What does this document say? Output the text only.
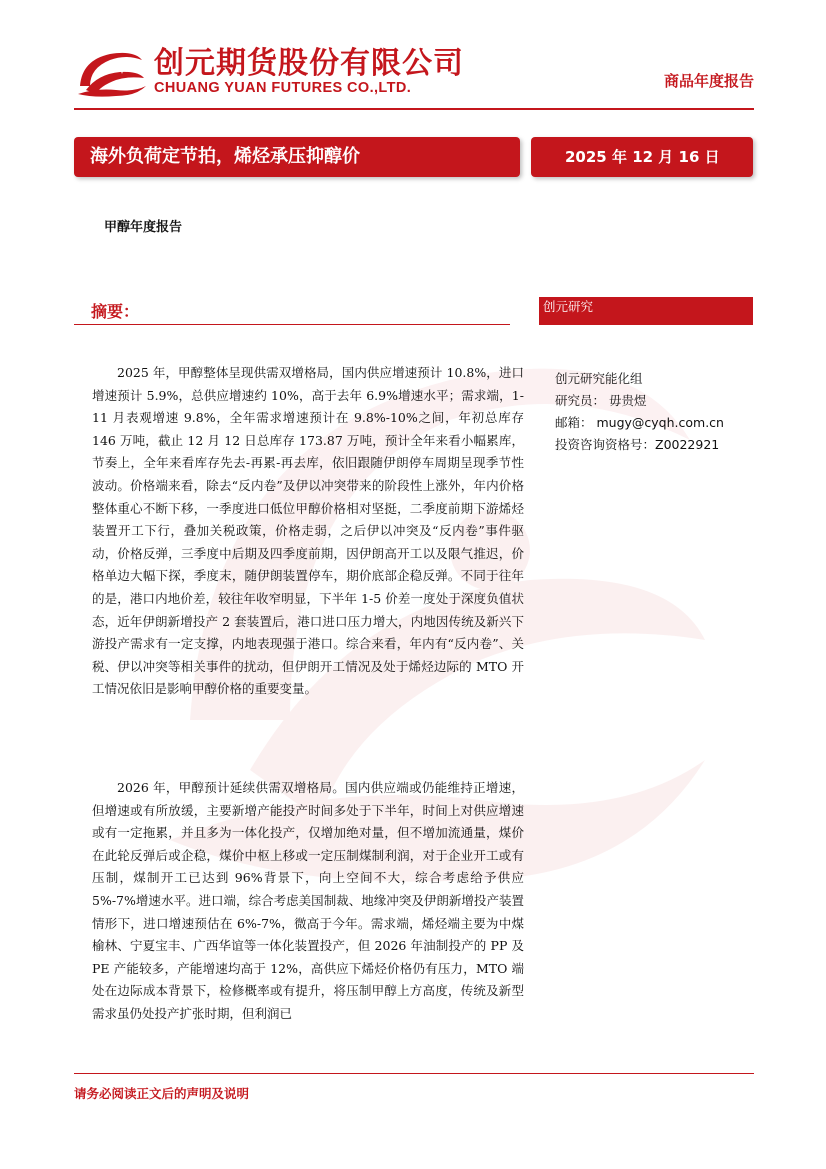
创元期货股份有限公司
CHUANG YUAN FUTURES CO.,LTD.	商品年度报告
海外负荷定节拍，烯烃承压抑醇价	2025 年 12 月 16 日
甲醇年度报告
摘要：	创元研究
创元研究能化组
研究员： 毋贵煜
邮箱： mugy@cyqh.com.cn
投资咨询资格号：Z0022921
2025 年，甲醇整体呈现供需双增格局，国内供应增速预计 10.8%，进口增速预计 5.9%，总供应增速约 10%，高于去年 6.9%增速水平；需求端，1-11 月表观增速 9.8%，全年需求增速预计在 9.8%-10%之间，年初总库存 146 万吨，截止 12 月 12 日总库存 173.87 万吨，预计全年来看小幅累库，节奏上，全年来看库存先去-再累-再去库，依旧跟随伊朗停车周期呈现季节性波动。价格端来看，除去“反内卷”及伊以冲突带来的阶段性上涨外，年内价格整体重心不断下移，一季度进口低位甲醇价格相对坚挺，二季度前期下游烯烃装置开工下行，叠加关税政策，价格走弱，之后伊以冲突及“反内卷”事件驱动，价格反弹，三季度中后期及四季度前期，因伊朗高开工以及限气推迟，价格单边大幅下探，季度末，随伊朗装置停车，期价底部企稳反弹。不同于往年的是，港口内地价差，较往年收窄明显，下半年 1-5 价差一度处于深度负值状态，近年伊朗新增投产 2 套装置后，港口进口压力增大，内地因传统及新兴下游投产需求有一定支撑，内地表现强于港口。综合来看，年内有“反内卷”、关税、伊以冲突等相关事件的扰动，但伊朗开工情况及处于烯烃边际的 MTO 开工情况依旧是影响甲醇价格的重要变量。
2026 年，甲醇预计延续供需双增格局。国内供应端或仍能维持正增速，但增速或有所放缓，主要新增产能投产时间多处于下半年，时间上对供应增速或有一定拖累，并且多为一体化投产，仅增加绝对量，但不增加流通量，煤价在此轮反弹后或企稳，煤价中枢上移或一定压制煤制利润，对于企业开工或有压制，煤制开工已达到 96%背景下，向上空间不大，综合考虑给予供应 5%-7%增速水平。进口端，综合考虑美国制裁、地缘冲突及伊朗新增投产装置情形下，进口增速预估在 6%-7%，微高于今年。需求端，烯烃端主要为中煤榆林、宁夏宝丰、广西华谊等一体化装置投产，但 2026 年油制投产的 PP 及 PE 产能较多，产能增速均高于 12%，高供应下烯烃价格仍有压力，MTO 端处在边际成本背景下，检修概率或有提升，将压制甲醇上方高度，传统及新型需求虽仍处投产扩张时期，但利润已
请务必阅读正文后的声明及说明
